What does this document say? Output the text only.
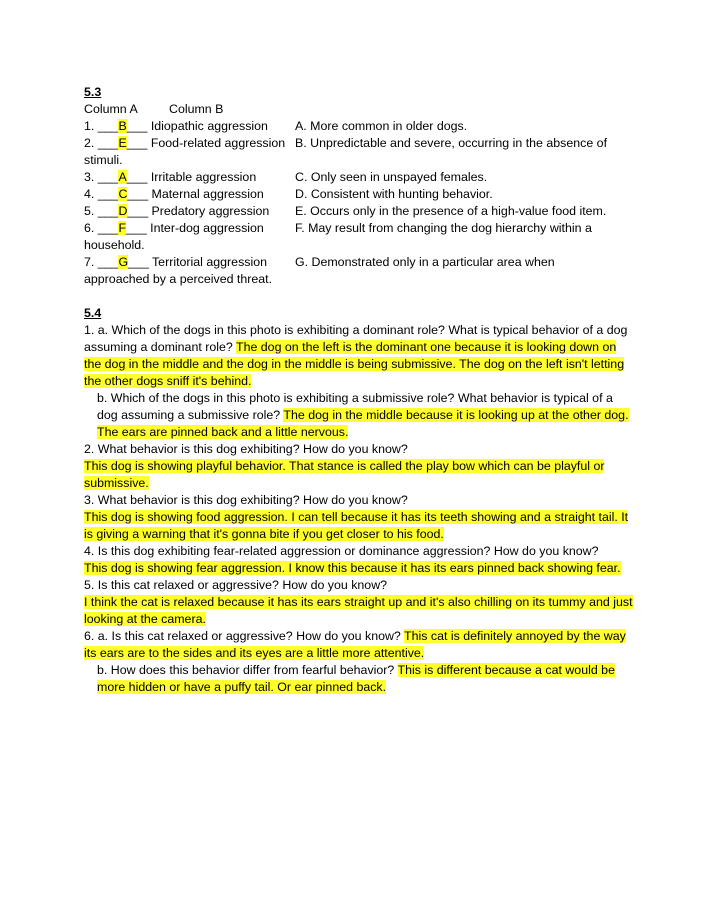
5.3
Column A	Column B
1. ___B___ Idiopathic aggression A. More common in older dogs.
2. ___E___ Food-related aggression B. Unpredictable and severe, occurring in the absence of
stimuli.
3. ___A___ Irritable aggression	C. Only seen in unspayed females.
4. ___C___ Maternal aggression	D. Consistent with hunting behavior.
5. ___D___ Predatory aggression E. Occurs only in the presence of a high-value food item.
6. ___F___ Inter-dog aggression	F. May result from changing the dog hierarchy within a
household.
7. ___G___ Territorial aggression G. Demonstrated only in a particular area when
approached by a perceived threat.
5.4

1. a. Which of the dogs in this photo is exhibiting a dominant role? What is typical behavior of a dog assuming a dominant role? The dog on the left is the dominant one because it is looking down on the dog in the middle and the dog in the middle is being submissive. The dog on the left isn't letting the other dogs sniff it's behind.

b. Which of the dogs in this photo is exhibiting a submissive role? What behavior is typical of a dog assuming a submissive role? The dog in the middle because it is looking up at the other dog. The ears are pinned back and a little nervous.

2. What behavior is this dog exhibiting? How do you know?
This dog is showing playful behavior. That stance is called the play bow which can be playful or submissive.

3. What behavior is this dog exhibiting? How do you know?
This dog is showing food aggression. I can tell because it has its teeth showing and a straight tail. It is giving a warning that it's gonna bite if you get closer to his food.

4. Is this dog exhibiting fear-related aggression or dominance aggression? How do you know?
This dog is showing fear aggression. I know this because it has its ears pinned back showing fear.

5. Is this cat relaxed or aggressive? How do you know?
I think the cat is relaxed because it has its ears straight up and it's also chilling on its tummy and just looking at the camera.

6. a. Is this cat relaxed or aggressive? How do you know? This cat is definitely annoyed by the way its ears are to the sides and its eyes are a little more attentive.

b. How does this behavior differ from fearful behavior? This is different because a cat would be more hidden or have a puffy tail. Or ear pinned back.
